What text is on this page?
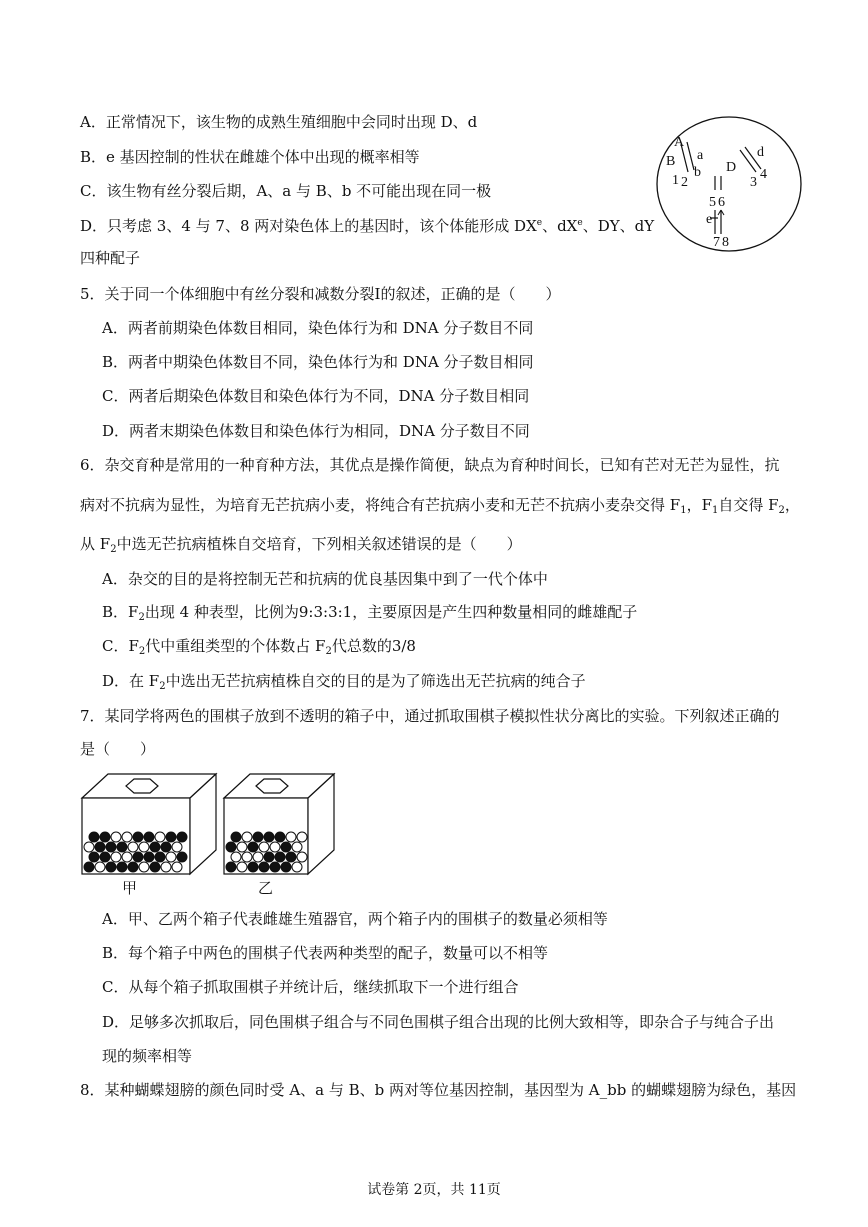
A．正常情况下，该生物的成熟生殖细胞中会同时出现 D、d
B．e 基因控制的性状在雌雄个体中出现的概率相等
C．该生物有丝分裂后期，A、a 与 B、b 不可能出现在同一极
D．只考虑 3、4 与 7、8 两对染色体上的基因时，该个体能形成 DXe、$dX^e$、DY、dY
四种配子
A
B a
b
1 2
D
d
3
4
5 6
e
7 8
5．关于同一个体细胞中有丝分裂和减数分裂Ⅰ的叙述，正确的是（　　）
A．两者前期染色体数目相同，染色体行为和 DNA 分子数目不同
B．两者中期染色体数目不同，染色体行为和 DNA 分子数目相同
C．两者后期染色体数目和染色体行为不同，DNA 分子数目相同
D．两者末期染色体数目和染色体行为相同，DNA 分子数目不同
6．杂交育种是常用的一种育种方法，其优点是操作简便，缺点为育种时间长，已知有芒对无芒为显性，抗
病对不抗病为显性，为培育无芒抗病小麦，将纯合有芒抗病小麦和无芒不抗病小麦杂交得 $F_1$，$F_1$自交得 $F_2$，
从 $F_2$中选无芒抗病植株自交培育，下列相关叙述错误的是（　　）
A．杂交的目的是将控制无芒和抗病的优良基因集中到了一代个体中
B．$F_2$出现 4 种表型，比例为9:3:3:1，主要原因是产生四种数量相同的雌雄配子
C．$F_2$代中重组类型的个体数占 $F_2$代总数的3/8
D．在 $F_2$中选出无芒抗病植株自交的目的是为了筛选出无芒抗病的纯合子
7．某同学将两色的围棋子放到不透明的箱子中，通过抓取围棋子模拟性状分离比的实验。下列叙述正确的
是（　　）
甲	乙
A．甲、乙两个箱子代表雌雄生殖器官，两个箱子内的围棋子的数量必须相等
B．每个箱子中两色的围棋子代表两种类型的配子，数量可以不相等
C．从每个箱子抓取围棋子并统计后，继续抓取下一个进行组合
D．足够多次抓取后，同色围棋子组合与不同色围棋子组合出现的比例大致相等，即杂合子与纯合子出
现的频率相等
8．某种蝴蝶翅膀的颜色同时受 A、a 与 B、b 两对等位基因控制，基因型为 A_bb 的蝴蝶翅膀为绿色，基因
试卷第 2页，共 11页
